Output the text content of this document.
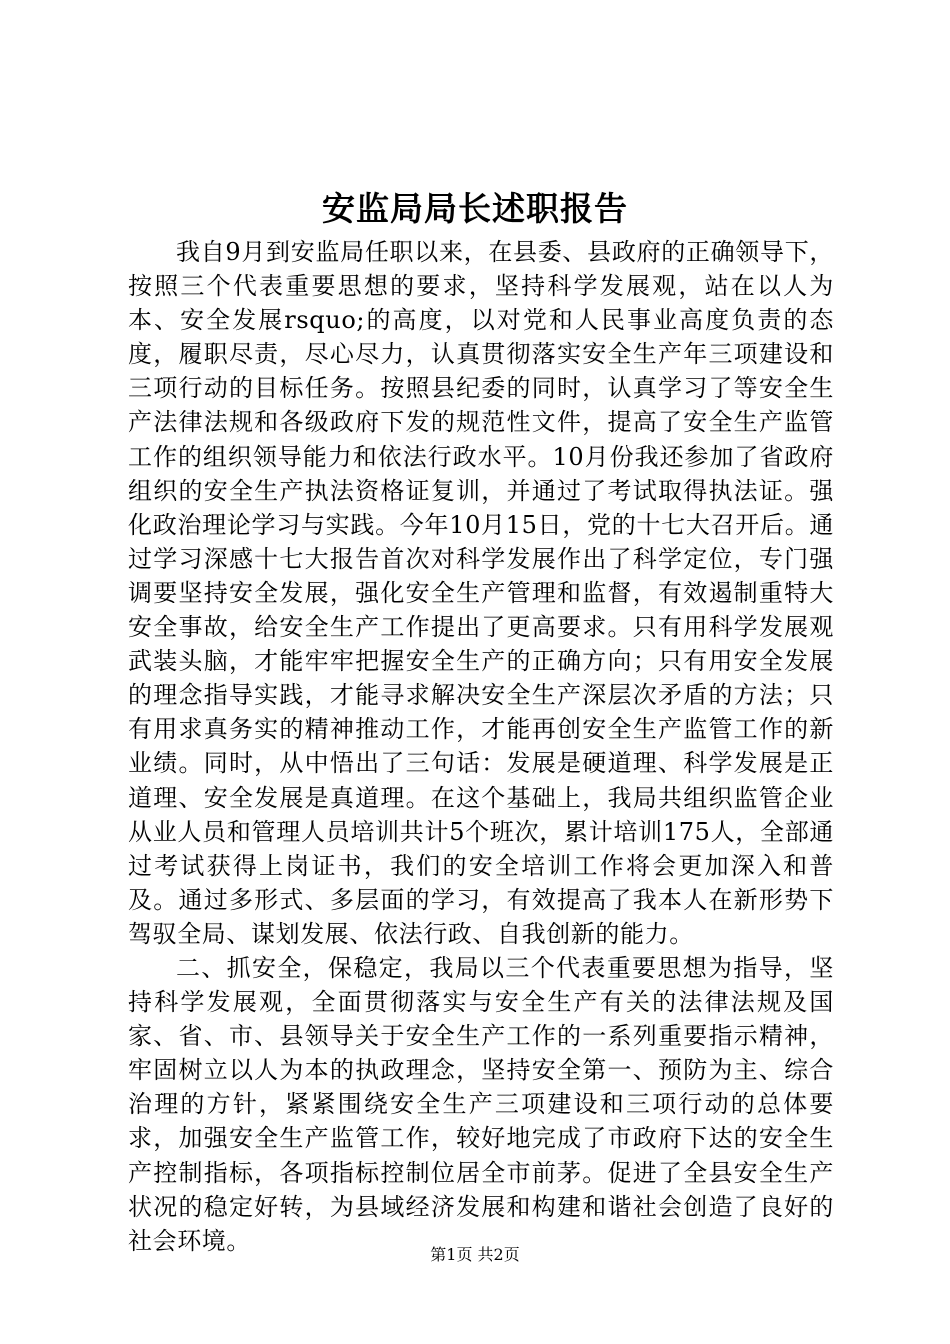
安监局局长述职报告

我自9月到安监局任职以来，在县委、县政府的正确领导下，按照三个代表重要思想的要求，坚持科学发展观，站在以人为本、安全发展rsquo;的高度，以对党和人民事业高度负责的态度，履职尽责，尽心尽力，认真贯彻落实安全生产年三项建设和三项行动的目标任务。按照县纪委的同时，认真学习了等安全生产法律法规和各级政府下发的规范性文件，提高了安全生产监管工作的组织领导能力和依法行政水平。10月份我还参加了省政府组织的安全生产执法资格证复训，并通过了考试取得执法证。强化政治理论学习与实践。今年10月15日，党的十七大召开后。通过学习深感十七大报告首次对科学发展作出了科学定位，专门强调要坚持安全发展，强化安全生产管理和监督，有效遏制重特大安全事故，给安全生产工作提出了更高要求。只有用科学发展观武装头脑，才能牢牢把握安全生产的正确方向；只有用安全发展的理念指导实践，才能寻求解决安全生产深层次矛盾的方法；只有用求真务实的精神推动工作，才能再创安全生产监管工作的新业绩。同时，从中悟出了三句话：发展是硬道理、科学发展是正道理、安全发展是真道理。在这个基础上，我局共组织监管企业从业人员和管理人员培训共计5个班次，累计培训175人，全部通过考试获得上岗证书，我们的安全培训工作将会更加深入和普及。通过多形式、多层面的学习，有效提高了我本人在新形势下驾驭全局、谋划发展、依法行政、自我创新的能力。

二、抓安全，保稳定，我局以三个代表重要思想为指导，坚持科学发展观，全面贯彻落实与安全生产有关的法律法规及国家、省、市、县领导关于安全生产工作的一系列重要指示精神，牢固树立以人为本的执政理念，坚持安全第一、预防为主、综合治理的方针，紧紧围绕安全生产三项建设和三项行动的总体要求，加强安全生产监管工作，较好地完成了市政府下达的安全生产控制指标，各项指标控制位居全市前茅。促进了全县安全生产状况的稳定好转，为县域经济发展和构建和谐社会创造了良好的社会环境。	第1页 共2页
